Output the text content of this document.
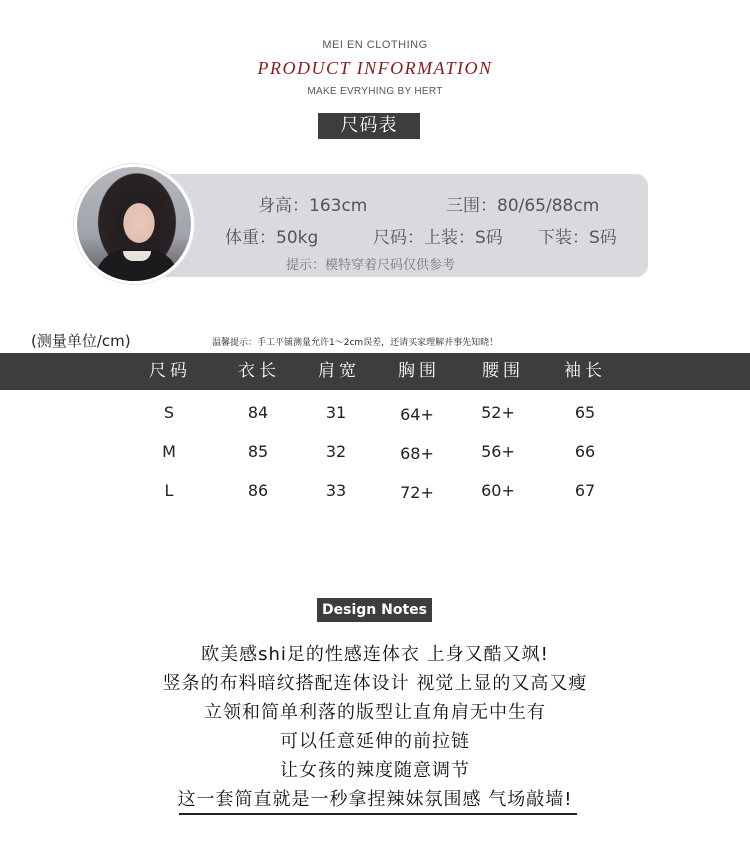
MEI EN CLOTHING
PRODUCT INFORMATION
MAKE EVRYHING BY HERT
尺码表
身高：163cm	三围：80/65/88cm
体重：50kg	尺码：上装：S码 下装：S码
提示：模特穿着尺码仅供参考
(测量单位/cm)	温馨提示：手工平铺测量允许1～2cm误差，还请买家理解并事先知晓！
尺码	衣长	肩宽	胸围	腰围	袖长
S	84	31	64+	52+	65
M	85	32	68+	56+	66
L	86	33	72+	60+	67
Design Notes
欧美感shi足的性感连体衣 上身又酷又飒!
竖条的布料暗纹搭配连体设计 视觉上显的又高又瘦
立领和简单利落的版型让直角肩无中生有
可以任意延伸的前拉链
让女孩的辣度随意调节
这一套简直就是一秒拿捏辣妹氛围感 气场敲墙!
